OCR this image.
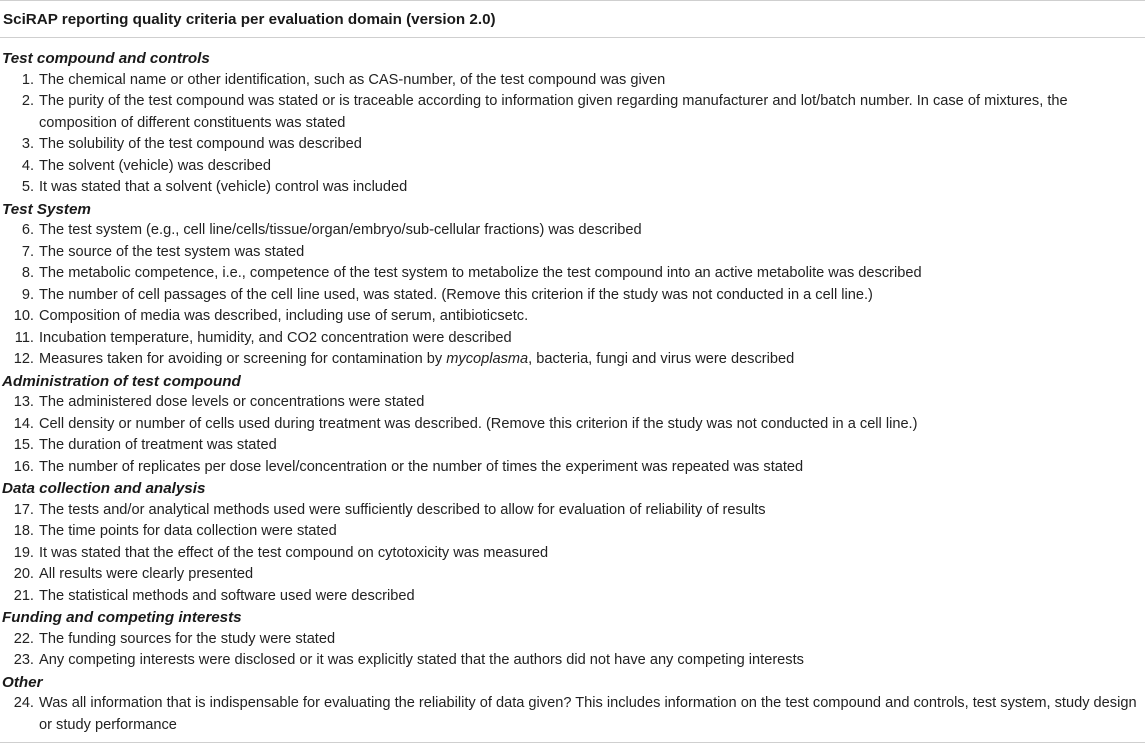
SciRAP reporting quality criteria per evaluation domain (version 2.0)
Test compound and controls
1. The chemical name or other identification, such as CAS-number, of the test compound was given
2. The purity of the test compound was stated or is traceable according to information given regarding manufacturer and lot/batch number. In case of mixtures, the composition of different constituents was stated
3. The solubility of the test compound was described
4. The solvent (vehicle) was described
5. It was stated that a solvent (vehicle) control was included
Test System
6. The test system (e.g., cell line/cells/tissue/organ/embryo/sub-cellular fractions) was described
7. The source of the test system was stated
8. The metabolic competence, i.e., competence of the test system to metabolize the test compound into an active metabolite was described
9. The number of cell passages of the cell line used, was stated. (Remove this criterion if the study was not conducted in a cell line.)
10. Composition of media was described, including use of serum, antibioticsetc.
11. Incubation temperature, humidity, and CO2 concentration were described
12. Measures taken for avoiding or screening for contamination by mycoplasma, bacteria, fungi and virus were described
Administration of test compound
13. The administered dose levels or concentrations were stated
14. Cell density or number of cells used during treatment was described. (Remove this criterion if the study was not conducted in a cell line.)
15. The duration of treatment was stated
16. The number of replicates per dose level/concentration or the number of times the experiment was repeated was stated
Data collection and analysis
17. The tests and/or analytical methods used were sufficiently described to allow for evaluation of reliability of results
18. The time points for data collection were stated
19. It was stated that the effect of the test compound on cytotoxicity was measured
20. All results were clearly presented
21. The statistical methods and software used were described
Funding and competing interests
22. The funding sources for the study were stated
23. Any competing interests were disclosed or it was explicitly stated that the authors did not have any competing interests
Other
24. Was all information that is indispensable for evaluating the reliability of data given? This includes information on the test compound and controls, test system, study design or study performance
